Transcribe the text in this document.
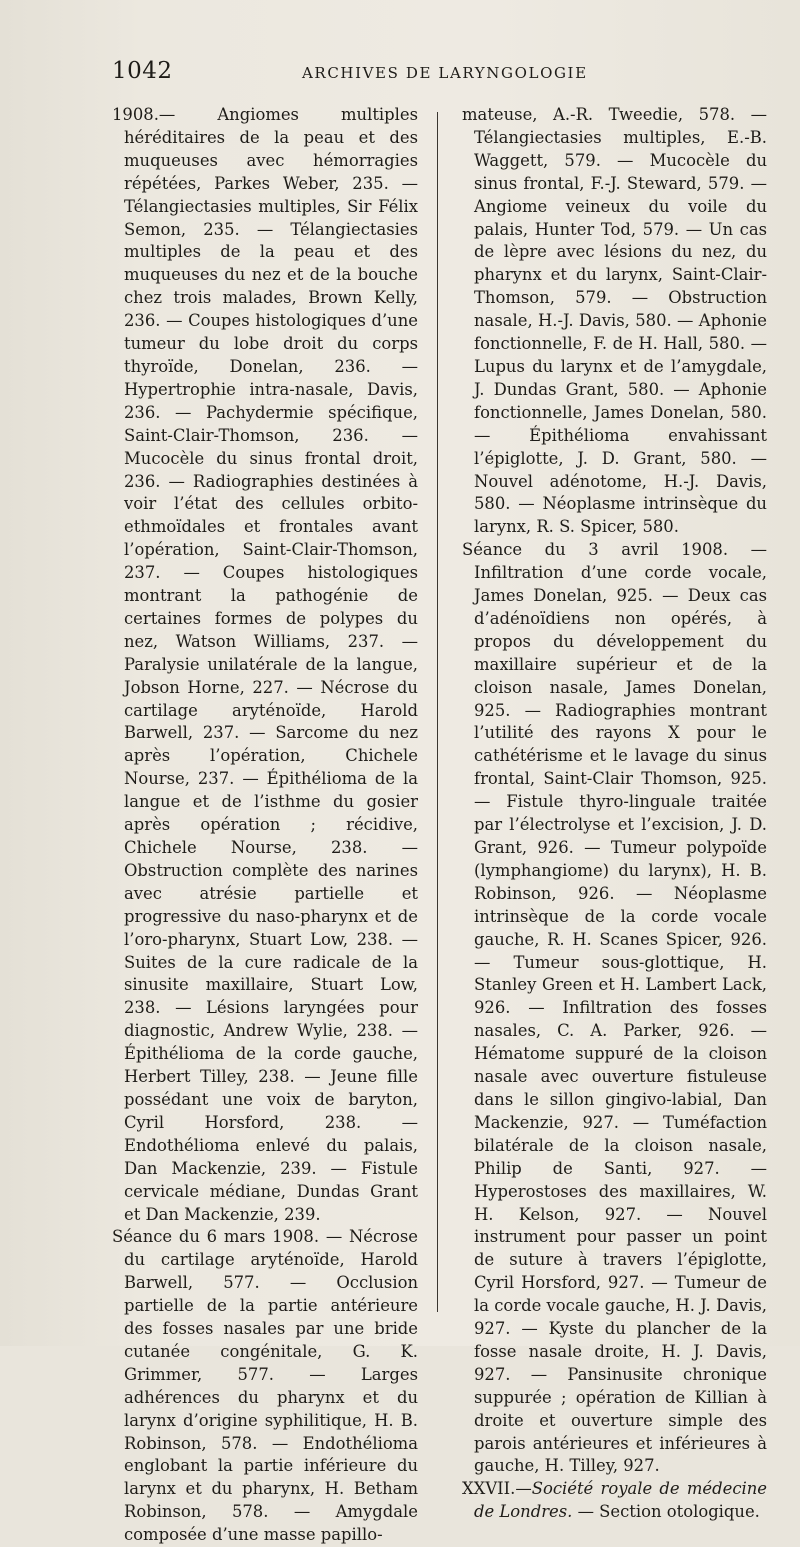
1042	ARCHIVES DE LARYNGOLOGIE

1908.— Angiomes multiples héréditaires de la peau et des muqueuses avec hémorragies répétées, Parkes Weber, 235. — Télangiectasies multiples, Sir Félix Semon, 235. — Télangiectasies multiples de la peau et des muqueuses du nez et de la bouche chez trois malades, Brown Kelly, 236. — Coupes histologiques d’une tumeur du lobe droit du corps thyroïde, Donelan, 236. — Hypertrophie intra-nasale, Davis, 236. — Pachydermie spécifique, Saint-Clair-Thomson, 236. — Mucocèle du sinus frontal droit, 236. — Radiographies destinées à voir l’état des cellules orbito-ethmoïdales et frontales avant l’opération, Saint-Clair-Thomson, 237. — Coupes histologiques montrant la pathogénie de certaines formes de polypes du nez, Watson Williams, 237. — Paralysie unilatérale de la langue, Jobson Horne, 227. — Nécrose du cartilage aryténoïde, Harold Barwell, 237. — Sarcome du nez après l’opération, Chichele Nourse, 237. — Épithélioma de la langue et de l’isthme du gosier après opération ; récidive, Chichele Nourse, 238. — Obstruction complète des narines avec atrésie partielle et progressive du naso-pharynx et de l’oro-pharynx, Stuart Low, 238. — Suites de la cure radicale de la sinusite maxillaire, Stuart Low, 238. — Lésions laryngées pour diagnostic, Andrew Wylie, 238. — Épithélioma de la corde gauche, Herbert Tilley, 238. — Jeune fille possédant une voix de baryton, Cyril Horsford, 238. — Endothélioma enlevé du palais, Dan Mackenzie, 239. — Fistule cervicale médiane, Dundas Grant et Dan Mackenzie, 239.

Séance du 6 mars 1908. — Nécrose du cartilage aryténoïde, Harold Barwell, 577. — Occlusion partielle de la partie antérieure des fosses nasales par une bride cutanée congénitale, G. K. Grimmer, 577. — Larges adhérences du pharynx et du larynx d’origine syphilitique, H. B. Robinson, 578. — Endothélioma englobant la partie inférieure du larynx et du pharynx, H. Betham Robinson, 578. — Amygdale composée d’une masse papillo-

mateuse, A.-R. Tweedie, 578. — Télangiectasies multiples, E.-B. Waggett, 579. — Mucocèle du sinus frontal, F.-J. Steward, 579. — Angiome veineux du voile du palais, Hunter Tod, 579. — Un cas de lèpre avec lésions du nez, du pharynx et du larynx, Saint-Clair-Thomson, 579. — Obstruction nasale, H.-J. Davis, 580. — Aphonie fonctionnelle, F. de H. Hall, 580. — Lupus du larynx et de l’amygdale, J. Dundas Grant, 580. — Aphonie fonctionnelle, James Donelan, 580. — Épithélioma envahissant l’épiglotte, J. D. Grant, 580. — Nouvel adénotome, H.-J. Davis, 580. — Néoplasme intrinsèque du larynx, R. S. Spicer, 580.

Séance du 3 avril 1908. — Infiltration d’une corde vocale, James Donelan, 925. — Deux cas d’adénoïdiens non opérés, à propos du développement du maxillaire supérieur et de la cloison nasale, James Donelan, 925. — Radiographies montrant l’utilité des rayons X pour le cathétérisme et le lavage du sinus frontal, Saint-Clair Thomson, 925. — Fistule thyro-linguale traitée par l’électrolyse et l’excision, J. D. Grant, 926. — Tumeur polypoïde (lymphangiome) du larynx), H. B. Robinson, 926. — Néoplasme intrinsèque de la corde vocale gauche, R. H. Scanes Spicer, 926. — Tumeur sous-glottique, H. Stanley Green et H. Lambert Lack, 926. — Infiltration des fosses nasales, C. A. Parker, 926. — Hématome suppuré de la cloison nasale avec ouverture fistuleuse dans le sillon gingivo-labial, Dan Mackenzie, 927. — Tuméfaction bilatérale de la cloison nasale, Philip de Santi, 927. — Hyperostoses des maxillaires, W. H. Kelson, 927. — Nouvel instrument pour passer un point de suture à travers l’épiglotte, Cyril Horsford, 927. — Tumeur de la corde vocale gauche, H. J. Davis, 927. — Kyste du plancher de la fosse nasale droite, H. J. Davis, 927. — Pansinusite chronique suppurée ; opération de Killian à droite et ouverture simple des parois antérieures et inférieures à gauche, H. Tilley, 927.

XXVII.—Société royale de médecine de Londres. — Section otologique.
